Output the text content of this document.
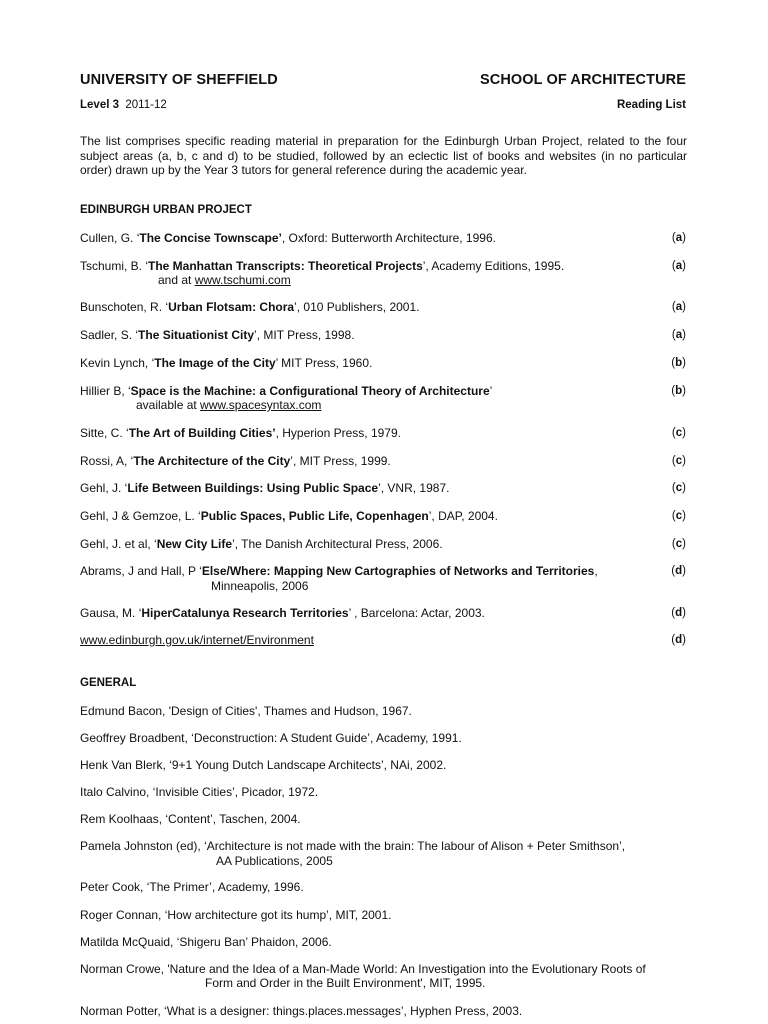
UNIVERSITY OF SHEFFIELD	SCHOOL OF ARCHITECTURE
Level 3 2011-12	Reading List
The list comprises specific reading material in preparation for the Edinburgh Urban Project, related to the four subject areas (a, b, c and d) to be studied, followed by an eclectic list of books and websites (in no particular order) drawn up by the Year 3 tutors for general reference during the academic year.
EDINBURGH URBAN PROJECT
Cullen, G. ‘The Concise Townscape’, Oxford: Butterworth Architecture, 1996.	(a)
Tschumi, B. ‘The Manhattan Transcripts: Theoretical Projects’, Academy Editions, 1995.	(a)
and at www.tschumi.com
Bunschoten, R. ‘Urban Flotsam: Chora’, 010 Publishers, 2001.	(a)
Sadler, S. ‘The Situationist City’, MIT Press, 1998.	(a)
Kevin Lynch, ‘The Image of the City’ MIT Press, 1960.	(b)
Hillier B, ‘Space is the Machine: a Configurational Theory of Architecture’	(b)
available at www.spacesyntax.com
Sitte, C. ‘The Art of Building Cities’, Hyperion Press, 1979.	(c)
Rossi, A, ‘The Architecture of the City’, MIT Press, 1999.	(c)
Gehl, J. ‘Life Between Buildings: Using Public Space’, VNR, 1987.	(c)
Gehl, J & Gemzoe, L. ‘Public Spaces, Public Life, Copenhagen’, DAP, 2004.	(c)
Gehl, J. et al, ‘New City Life’, The Danish Architectural Press, 2006.	(c)
Abrams, J and Hall, P ‘Else/Where: Mapping New Cartographies of Networks and Territories,	(d)
Minneapolis, 2006
Gausa, M. ‘HiperCatalunya Research Territories’ , Barcelona: Actar, 2003.	(d)
www.edinburgh.gov.uk/internet/Environment	(d)
GENERAL
Edmund Bacon, 'Design of Cities', Thames and Hudson, 1967.
Geoffrey Broadbent, ‘Deconstruction: A Student Guide’, Academy, 1991.
Henk Van Blerk, ‘9+1 Young Dutch Landscape Architects’, NAi, 2002.
Italo Calvino, ‘Invisible Cities’, Picador, 1972.
Rem Koolhaas, ‘Content’, Taschen, 2004.
Pamela Johnston (ed), ‘Architecture is not made with the brain: The labour of Alison + Peter Smithson’,
AA Publications, 2005
Peter Cook, ‘The Primer’, Academy, 1996.
Roger Connan, ‘How architecture got its hump’, MIT, 2001.
Matilda McQuaid, ‘Shigeru Ban’ Phaidon, 2006.
Norman Crowe, 'Nature and the Idea of a Man-Made World: An Investigation into the Evolutionary Roots of
Form and Order in the Built Environment', MIT, 1995.
Norman Potter, ‘What is a designer: things.places.messages’, Hyphen Press, 2003.
